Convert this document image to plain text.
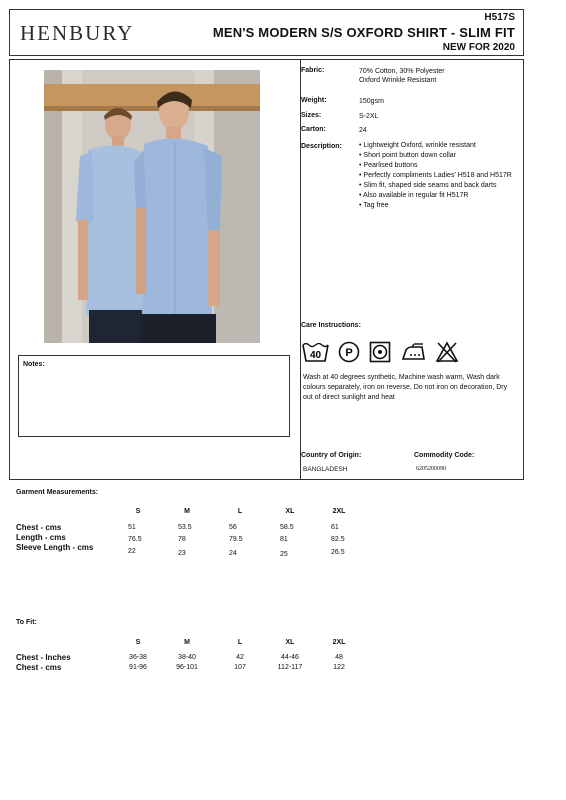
HENBURY
H517S
MEN'S MODERN S/S OXFORD SHIRT - SLIM FIT
NEW FOR 2020
Notes:
Fabric:	70% Cotton, 30% Polyester
Oxford Wrinkle Resistant
Weight:	150gsm
Sizes:	S-2XL
Carton:	24
Description:
•	Lightweight Oxford, wrinkle resistant
• Short point button down collar
• Pearlised buttons
• Perfectly compliments Ladies' H518 and H517R
• Slim fit, shaped side seams and back darts
• Also available in regular fit H517R
• Tag free
Care Instructions:
40 P
Wash at 40 degrees synthetic, Machine wash warm, Wash dark colours separately, iron on reverse, Do not iron on decoration, Dry out of direct sunlight and heat
Country of Origin:
BANGLADESH
Commodity Code:
6205200090
Garment Measurements:
S	M	L	XL	2XL
Chest - cms	51	53.5	56	58.5	61
Length - cms	76.5	78	79.5	81	82.5
Sleeve Length - cms	22	23	24	25	26.5
To Fit:
S	M	L	XL	2XL
Chest - Inches	36-38	38-40	42	44-46	48
Chest - cms	91-96	96-101	107	112-117	122
